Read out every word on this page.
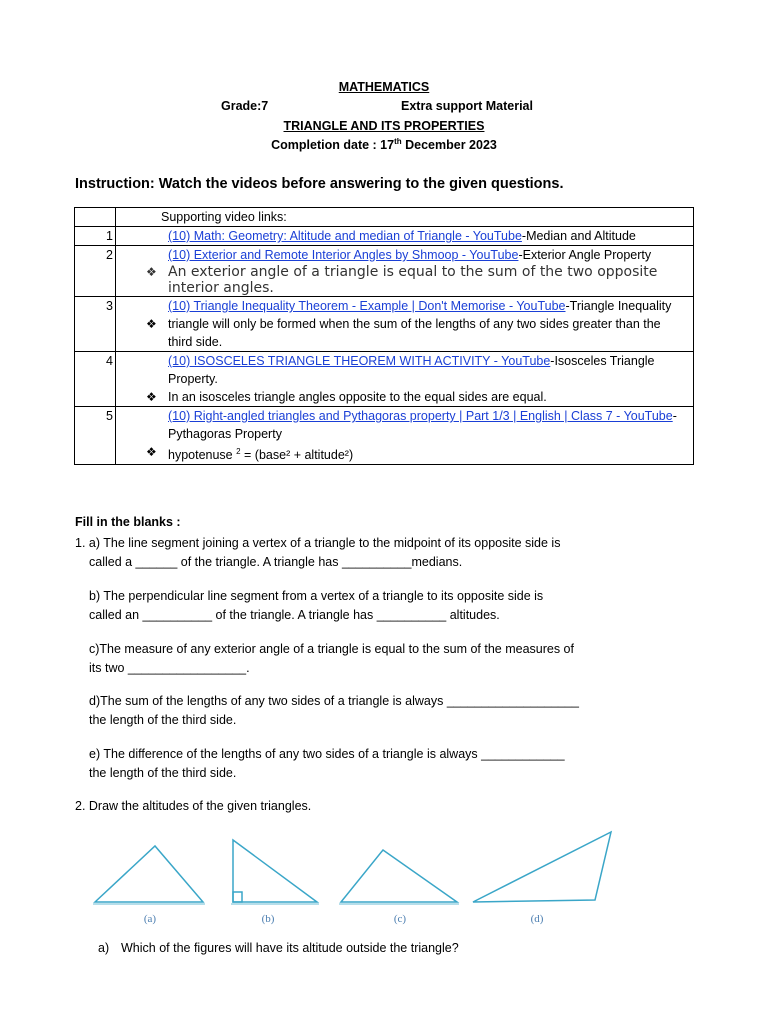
MATHEMATICS
Grade:7	Extra support Material
TRIANGLE AND ITS PROPERTIES
Completion date : 17th December 2023
Instruction: Watch the videos before answering to the given questions.

	Supporting video links:

1	(10) Math: Geometry: Altitude and median of Triangle - YouTube-Median and Altitude

2	(10) Exterior and Remote Interior Angles by Shmoop - YouTube-Exterior Angle Property
❖ An exterior angle of a triangle is equal to the sum of the two opposite interior angles.

3	(10) Triangle Inequality Theorem - Example | Don't Memorise - YouTube-Triangle Inequality
❖ triangle will only be formed when the sum of the lengths of any two sides greater than the third side.

4	(10) ISOSCELES TRIANGLE THEOREM WITH ACTIVITY - YouTube-Isosceles Triangle Property.
❖ In an isosceles triangle angles opposite to the equal sides are equal.

5	(10) Right-angled triangles and Pythagoras property | Part 1/3 | English | Class 7 - YouTube-Pythagoras Property
❖ hypotenuse $^2$ = (base² + altitude²)
Fill in the blanks :
1. a) The line segment joining a vertex of a triangle to the midpoint of its opposite side is
called a ______ of the triangle. A triangle has __________medians.
b) The perpendicular line segment from a vertex of a triangle to its opposite side is
called an __________ of the triangle. A triangle has __________ altitudes.
c)The measure of any exterior angle of a triangle is equal to the sum of the measures of
its two _________________.
d)The sum of the lengths of any two sides of a triangle is always ___________________
the length of the third side.
e) The difference of the lengths of any two sides of a triangle is always ____________
the length of the third side.
2. Draw the altitudes of the given triangles.
(a)	(b)	(c)	(d)
a) Which of the figures will have its altitude outside the triangle?
